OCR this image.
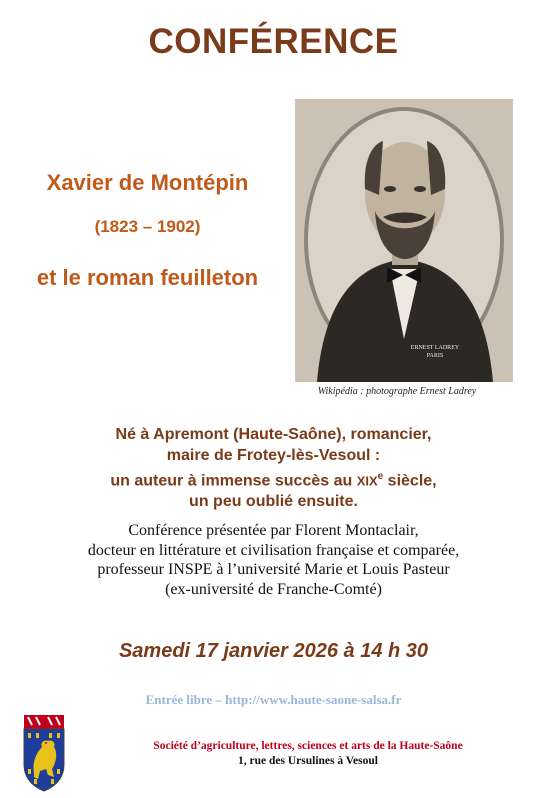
CONFÉRENCE
Xavier de Montépin
(1823 – 1902)
et le roman feuilleton
ERNEST LADREY
PARIS
Wikipédia : photographe Ernest Ladrey
Né à Apremont (Haute-Saône), romancier,
maire de Frotey-lès-Vesoul :
un auteur à immense succès au XIXe siècle,
un peu oublié ensuite.
Conférence présentée par Florent Montaclair,
docteur en littérature et civilisation française et comparée,
professeur INSPE à l’université Marie et Louis Pasteur
(ex-université de Franche-Comté)
Samedi 17 janvier 2026 à 14 h 30
Entrée libre – http://www.haute-saone-salsa.fr
Société d’agriculture, lettres, sciences et arts de la Haute-Saône
1, rue des Ursulines à Vesoul
